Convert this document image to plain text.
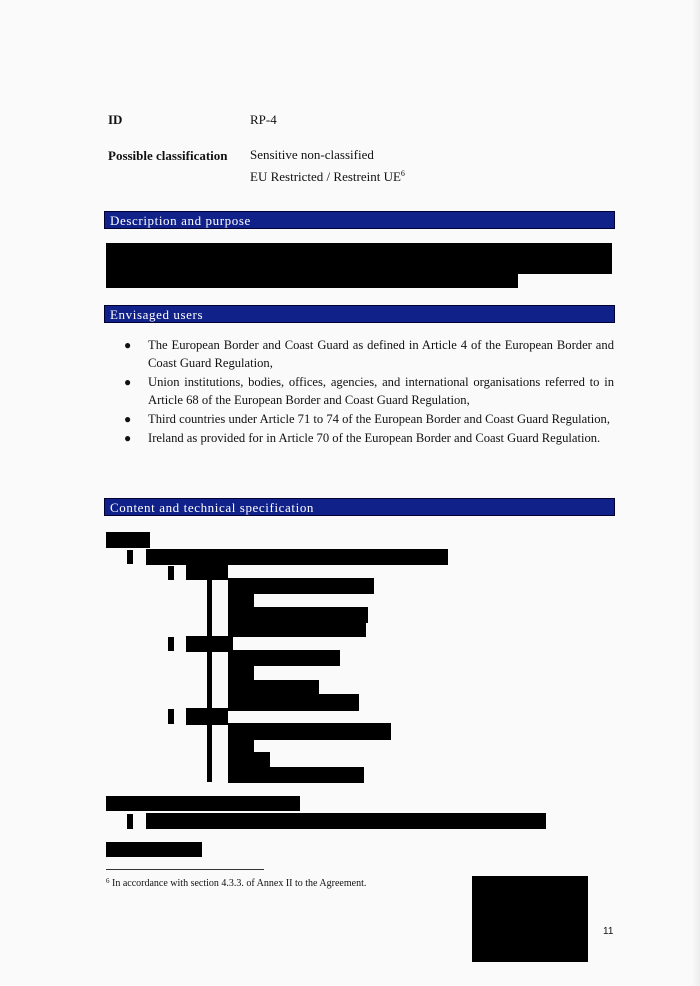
ID	RP-4
Possible classification Sensitive non-classified
EU Restricted / Restreint $UE^6$
Description and purpose
Envisaged users
● The European Border and Coast Guard as defined in Article 4 of the European Border and Coast Guard Regulation,
● Union institutions, bodies, offices, agencies, and international organisations referred to in Article 68 of the European Border and Coast Guard Regulation,
● Third countries under Article 71 to 74 of the European Border and Coast Guard Regulation,
● Ireland as provided for in Article 70 of the European Border and Coast Guard Regulation.
Content and technical specification
$^6$ In accordance with section 4.3.3. of Annex II to the Agreement.
11
